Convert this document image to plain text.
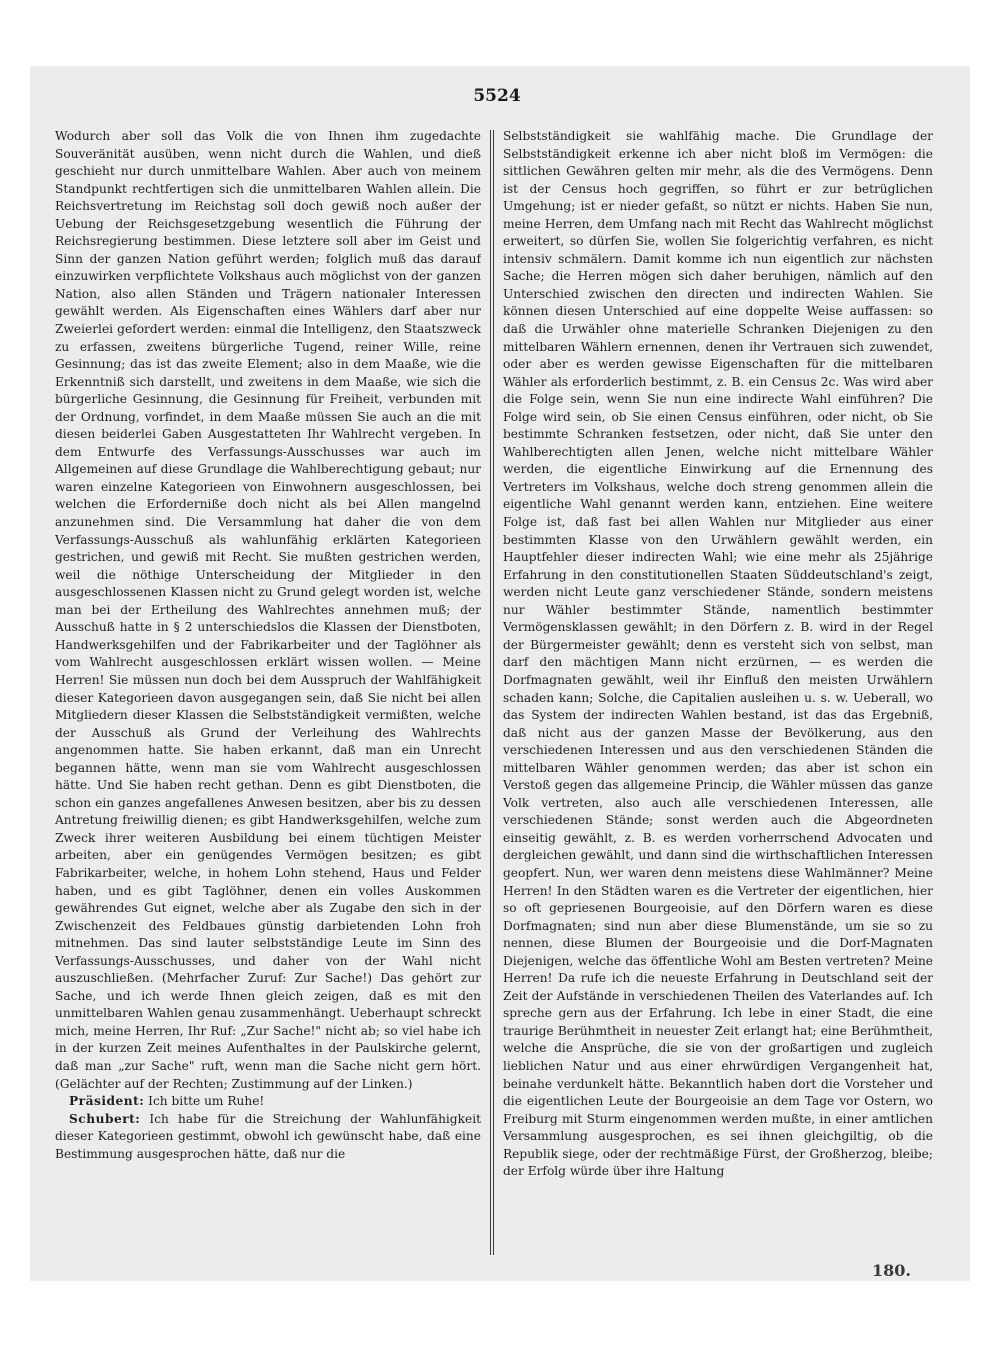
5524

Wodurch aber soll das Volk die von Ihnen ihm zugedachte Souveränität ausüben, wenn nicht durch die Wahlen, und dieß geschieht nur durch unmittelbare Wahlen. Aber auch von meinem Standpunkt rechtfertigen sich die unmittelbaren Wahlen allein. Die Reichsvertretung im Reichstag soll doch gewiß noch außer der Uebung der Reichsgesetzgebung wesentlich die Führung der Reichsregierung bestimmen. Diese letztere soll aber im Geist und Sinn der ganzen Nation geführt werden; folglich muß das darauf einzuwirken verpflichtete Volkshaus auch möglichst von der ganzen Nation, also allen Ständen und Trägern nationaler Interessen gewählt werden. Als Eigenschaften eines Wählers darf aber nur Zweierlei gefordert werden: einmal die Intelligenz, den Staatszweck zu erfassen, zweitens bürgerliche Tugend, reiner Wille, reine Gesinnung; das ist das zweite Element; also in dem Maaße, wie die Erkenntniß sich darstellt, und zweitens in dem Maaße, wie sich die bürgerliche Gesinnung, die Gesinnung für Freiheit, verbunden mit der Ordnung, vorfindet, in dem Maaße müssen Sie auch an die mit diesen beiderlei Gaben Ausgestatteten Ihr Wahlrecht vergeben. In dem Entwurfe des Verfassungs-Ausschusses war auch im Allgemeinen auf diese Grundlage die Wahlberechtigung gebaut; nur waren einzelne Kategorieen von Einwohnern ausgeschlossen, bei welchen die Erforderniße doch nicht als bei Allen mangelnd anzunehmen sind. Die Versammlung hat daher die von dem Verfassungs-Ausschuß als wahlunfähig erklärten Kategorieen gestrichen, und gewiß mit Recht. Sie mußten gestrichen werden, weil die nöthige Unterscheidung der Mitglieder in den ausgeschlossenen Klassen nicht zu Grund gelegt worden ist, welche man bei der Ertheilung des Wahlrechtes annehmen muß; der Ausschuß hatte in § 2 unterschiedslos die Klassen der Dienstboten, Handwerksgehilfen und der Fabrikarbeiter und der Taglöhner als vom Wahlrecht ausgeschlossen erklärt wissen wollen. — Meine Herren! Sie müssen nun doch bei dem Ausspruch der Wahlfähigkeit dieser Kategorieen davon ausgegangen sein, daß Sie nicht bei allen Mitgliedern dieser Klassen die Selbstständigkeit vermißten, welche der Ausschuß als Grund der Verleihung des Wahlrechts angenommen hatte. Sie haben erkannt, daß man ein Unrecht begannen hätte, wenn man sie vom Wahlrecht ausgeschlossen hätte. Und Sie haben recht gethan. Denn es gibt Dienstboten, die schon ein ganzes angefallenes Anwesen besitzen, aber bis zu dessen Antretung freiwillig dienen; es gibt Handwerksgehilfen, welche zum Zweck ihrer weiteren Ausbildung bei einem tüchtigen Meister arbeiten, aber ein genügendes Vermögen besitzen; es gibt Fabrikarbeiter, welche, in hohem Lohn stehend, Haus und Felder haben, und es gibt Taglöhner, denen ein volles Auskommen gewährendes Gut eignet, welche aber als Zugabe den sich in der Zwischenzeit des Feldbaues günstig darbietenden Lohn froh mitnehmen. Das sind lauter selbstständige Leute im Sinn des Verfassungs-Ausschusses, und daher von der Wahl nicht auszuschließen. (Mehrfacher Zuruf: Zur Sache!) Das gehört zur Sache, und ich werde Ihnen gleich zeigen, daß es mit den unmittelbaren Wahlen genau zusammenhängt. Ueberhaupt schreckt mich, meine Herren, Ihr Ruf: „Zur Sache!" nicht ab; so viel habe ich in der kurzen Zeit meines Aufenthaltes in der Paulskirche gelernt, daß man „zur Sache" ruft, wenn man die Sache nicht gern hört. (Gelächter auf der Rechten; Zustimmung auf der Linken.)

Präsident: Ich bitte um Ruhe!

Schubert: Ich habe für die Streichung der Wahlunfähigkeit dieser Kategorieen gestimmt, obwohl ich gewünscht habe, daß eine Bestimmung ausgesprochen hätte, daß nur die

Selbstständigkeit sie wahlfähig mache. Die Grundlage der Selbstständigkeit erkenne ich aber nicht bloß im Vermögen: die sittlichen Gewähren gelten mir mehr, als die des Vermögens. Denn ist der Census hoch gegriffen, so führt er zur betrüglichen Umgehung; ist er nieder gefaßt, so nützt er nichts. Haben Sie nun, meine Herren, dem Umfang nach mit Recht das Wahlrecht möglichst erweitert, so dürfen Sie, wollen Sie folgerichtig verfahren, es nicht intensiv schmälern. Damit komme ich nun eigentlich zur nächsten Sache; die Herren mögen sich daher beruhigen, nämlich auf den Unterschied zwischen den directen und indirecten Wahlen. Sie können diesen Unterschied auf eine doppelte Weise auffassen: so daß die Urwähler ohne materielle Schranken Diejenigen zu den mittelbaren Wählern ernennen, denen ihr Vertrauen sich zuwendet, oder aber es werden gewisse Eigenschaften für die mittelbaren Wähler als erforderlich bestimmt, z. B. ein Census 2c. Was wird aber die Folge sein, wenn Sie nun eine indirecte Wahl einführen? Die Folge wird sein, ob Sie einen Census einführen, oder nicht, ob Sie bestimmte Schranken festsetzen, oder nicht, daß Sie unter den Wahlberechtigten allen Jenen, welche nicht mittelbare Wähler werden, die eigentliche Einwirkung auf die Ernennung des Vertreters im Volkshaus, welche doch streng genommen allein die eigentliche Wahl genannt werden kann, entziehen. Eine weitere Folge ist, daß fast bei allen Wahlen nur Mitglieder aus einer bestimmten Klasse von den Urwählern gewählt werden, ein Hauptfehler dieser indirecten Wahl; wie eine mehr als 25jährige Erfahrung in den constitutionellen Staaten Süddeutschland's zeigt, werden nicht Leute ganz verschiedener Stände, sondern meistens nur Wähler bestimmter Stände, namentlich bestimmter Vermögensklassen gewählt; in den Dörfern z. B. wird in der Regel der Bürgermeister gewählt; denn es versteht sich von selbst, man darf den mächtigen Mann nicht erzürnen, — es werden die Dorfmagnaten gewählt, weil ihr Einfluß den meisten Urwählern schaden kann; Solche, die Capitalien ausleihen u. s. w. Ueberall, wo das System der indirecten Wahlen bestand, ist das das Ergebniß, daß nicht aus der ganzen Masse der Bevölkerung, aus den verschiedenen Interessen und aus den verschiedenen Ständen die mittelbaren Wähler genommen werden; das aber ist schon ein Verstoß gegen das allgemeine Princip, die Wähler müssen das ganze Volk vertreten, also auch alle verschiedenen Interessen, alle verschiedenen Stände; sonst werden auch die Abgeordneten einseitig gewählt, z. B. es werden vorherrschend Advocaten und dergleichen gewählt, und dann sind die wirthschaftlichen Interessen geopfert. Nun, wer waren denn meistens diese Wahlmänner? Meine Herren! In den Städten waren es die Vertreter der eigentlichen, hier so oft gepriesenen Bourgeoisie, auf den Dörfern waren es diese Dorfmagnaten; sind nun aber diese Blumenstände, um sie so zu nennen, diese Blumen der Bourgeoisie und die Dorf-Magnaten Diejenigen, welche das öffentliche Wohl am Besten vertreten? Meine Herren! Da rufe ich die neueste Erfahrung in Deutschland seit der Zeit der Aufstände in verschiedenen Theilen des Vaterlandes auf. Ich spreche gern aus der Erfahrung. Ich lebe in einer Stadt, die eine traurige Berühmtheit in neuester Zeit erlangt hat; eine Berühmtheit, welche die Ansprüche, die sie von der großartigen und zugleich lieblichen Natur und aus einer ehrwürdigen Vergangenheit hat, beinahe verdunkelt hätte. Bekanntlich haben dort die Vorsteher und die eigentlichen Leute der Bourgeoisie an dem Tage vor Ostern, wo Freiburg mit Sturm eingenommen werden mußte, in einer amtlichen Versammlung ausgesprochen, es sei ihnen gleichgiltig, ob die Republik siege, oder der rechtmäßige Fürst, der Großherzog, bleibe; der Erfolg würde über ihre Haltung

180.
